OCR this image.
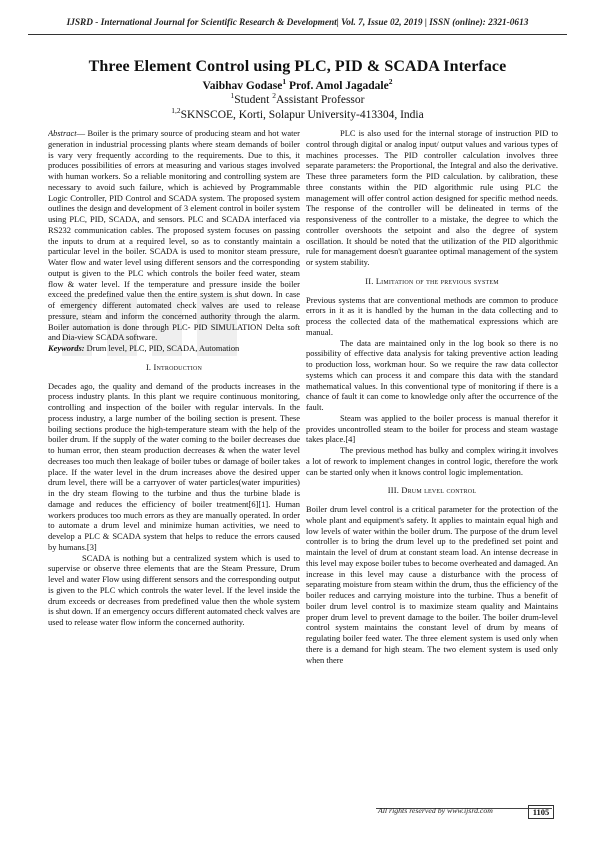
IJSRD - International Journal for Scientific Research & Development| Vol. 7, Issue 02, 2019 | ISSN (online): 2321-0613
Three Element Control using PLC, PID & SCADA Interface
Vaibhav Godase$^1$ Prof. Amol Jagadale$^2$
$^1$Student $^2$Assistant Professor
$^{1,2}$SKNSCOE, Korti, Solapur University-413304, India

Abstract— Boiler is the primary source of producing steam and hot water generation in industrial processing plants where steam demands of boiler is vary very frequently according to the requirements. Due to this, it produces possibilities of errors at measuring and various stages involved with human workers. So a reliable monitoring and controlling system are necessary to avoid such failure, which is achieved by Programmable Logic Controller, PID Control and SCADA system. The proposed system outlines the design and development of 3 element control in boiler system using PLC, PID, SCADA, and sensors. PLC and SCADA interfaced via RS232 communication cables. The proposed system focuses on passing the inputs to drum at a required level, so as to constantly maintain a particular level in the boiler. SCADA is used to monitor steam pressure, Water flow and water level using different sensors and the corresponding output is given to the PLC which controls the boiler feed water, steam flow & water level. If the temperature and pressure inside the boiler exceed the predefined value then the entire system is shut down. In case of emergency different automated check valves are used to release pressure, steam and inform the concerned authority through the alarm. Boiler automation is done through PLC- PID SIMULATION Delta soft and Dia-view SCADA software.

Keywords: Drum level, PLC, PID, SCADA, Automation

I. Introduction

Decades ago, the quality and demand of the products increases in the process industry plants. In this plant we require continuous monitoring, controlling and inspection of the boiler with regular intervals. In the process industry, a large number of the boiling section is present. These boiling sections produce the high-temperature steam with the help of the boiler drum. If the supply of the water coming to the boiler decreases due to human error, then steam production decreases & when the water level decreases too much then leakage of boiler tubes or damage of boiler takes place. If the water level in the drum increases above the desired upper drum level, there will be a carryover of water particles(water impurities) in the dry steam flowing to the turbine and thus the turbine blade is damage and reduces the efficiency of boiler treatment[6][1]. Human workers produces too much errors as they are manually operated. In order to automate a drum level and minimize human activities, we need to develop a PLC & SCADA system that helps to reduce the errors caused by humans.[3]

SCADA is nothing but a centralized system which is used to supervise or observe three elements that are the Steam Pressure, Drum level and water Flow using different sensors and the corresponding output is given to the PLC which controls the water level. If the level inside the drum exceeds or decreases from predefined value then the whole system is shut down. If an emergency occurs different automated check valves are used to release water flow inform the concerned authority.

PLC is also used for the internal storage of instruction PID to control through digital or analog input/ output values and various types of machines processes. The PID controller calculation involves three separate parameters: the Proportional, the Integral and also the derivative. These three parameters form the PID calculation. by calibration, these three constants within the PID algorithmic rule using PLC the management will offer control action designed for specific method needs. The response of the controller will be delineated in terms of the responsiveness of the controller to a mistake, the degree to which the controller overshoots the setpoint and also the degree of system oscillation. It should be noted that the utilization of the PID algorithmic rule for management doesn't guarantee optimal management of the system or system stability.

II. Limitation of the previous system

Previous systems that are conventional methods are common to produce errors in it as it is handled by the human in the data collecting and to process the collected data of the mathematical expressions which are manual.

The data are maintained only in the log book so there is no possibility of effective data analysis for taking preventive action leading to production loss, workman hour. So we require the raw data collector systems which can process it and compare this data with the standard mathematical values. In this conventional type of monitoring if there is a chance of fault it can come to knowledge only after the occurrence of the fault.

Steam was applied to the boiler process is manual therefor it provides uncontrolled steam to the boiler for process and steam wastage takes place.[4]

The previous method has bulky and complex wiring.it involves a lot of rework to implement changes in control logic, therefore the work can be started only when it knows control logic implementation.

III. Drum level control

Boiler drum level control is a critical parameter for the protection of the whole plant and equipment's safety. It applies to maintain equal high and low levels of water within the boiler drum. The purpose of the drum level controller is to bring the drum level up to the predefined set point and maintain the level of drum at constant steam load. An intense decrease in this level may expose boiler tubes to become overheated and damaged. An increase in this level may cause a disturbance with the process of separating moisture from steam within the drum, thus the efficiency of the boiler reduces and carrying moisture into the turbine. Thus a benefit of boiler drum level control is to maximize steam quality and Maintains proper drum level to prevent damage to the boiler. The boiler drum-level control system maintains the constant level of drum by means of regulating boiler feed water. The three element system is used only when there is a demand for high steam. The two element system is used only when there

All rights reserved by www.ijsrd.com	1105
